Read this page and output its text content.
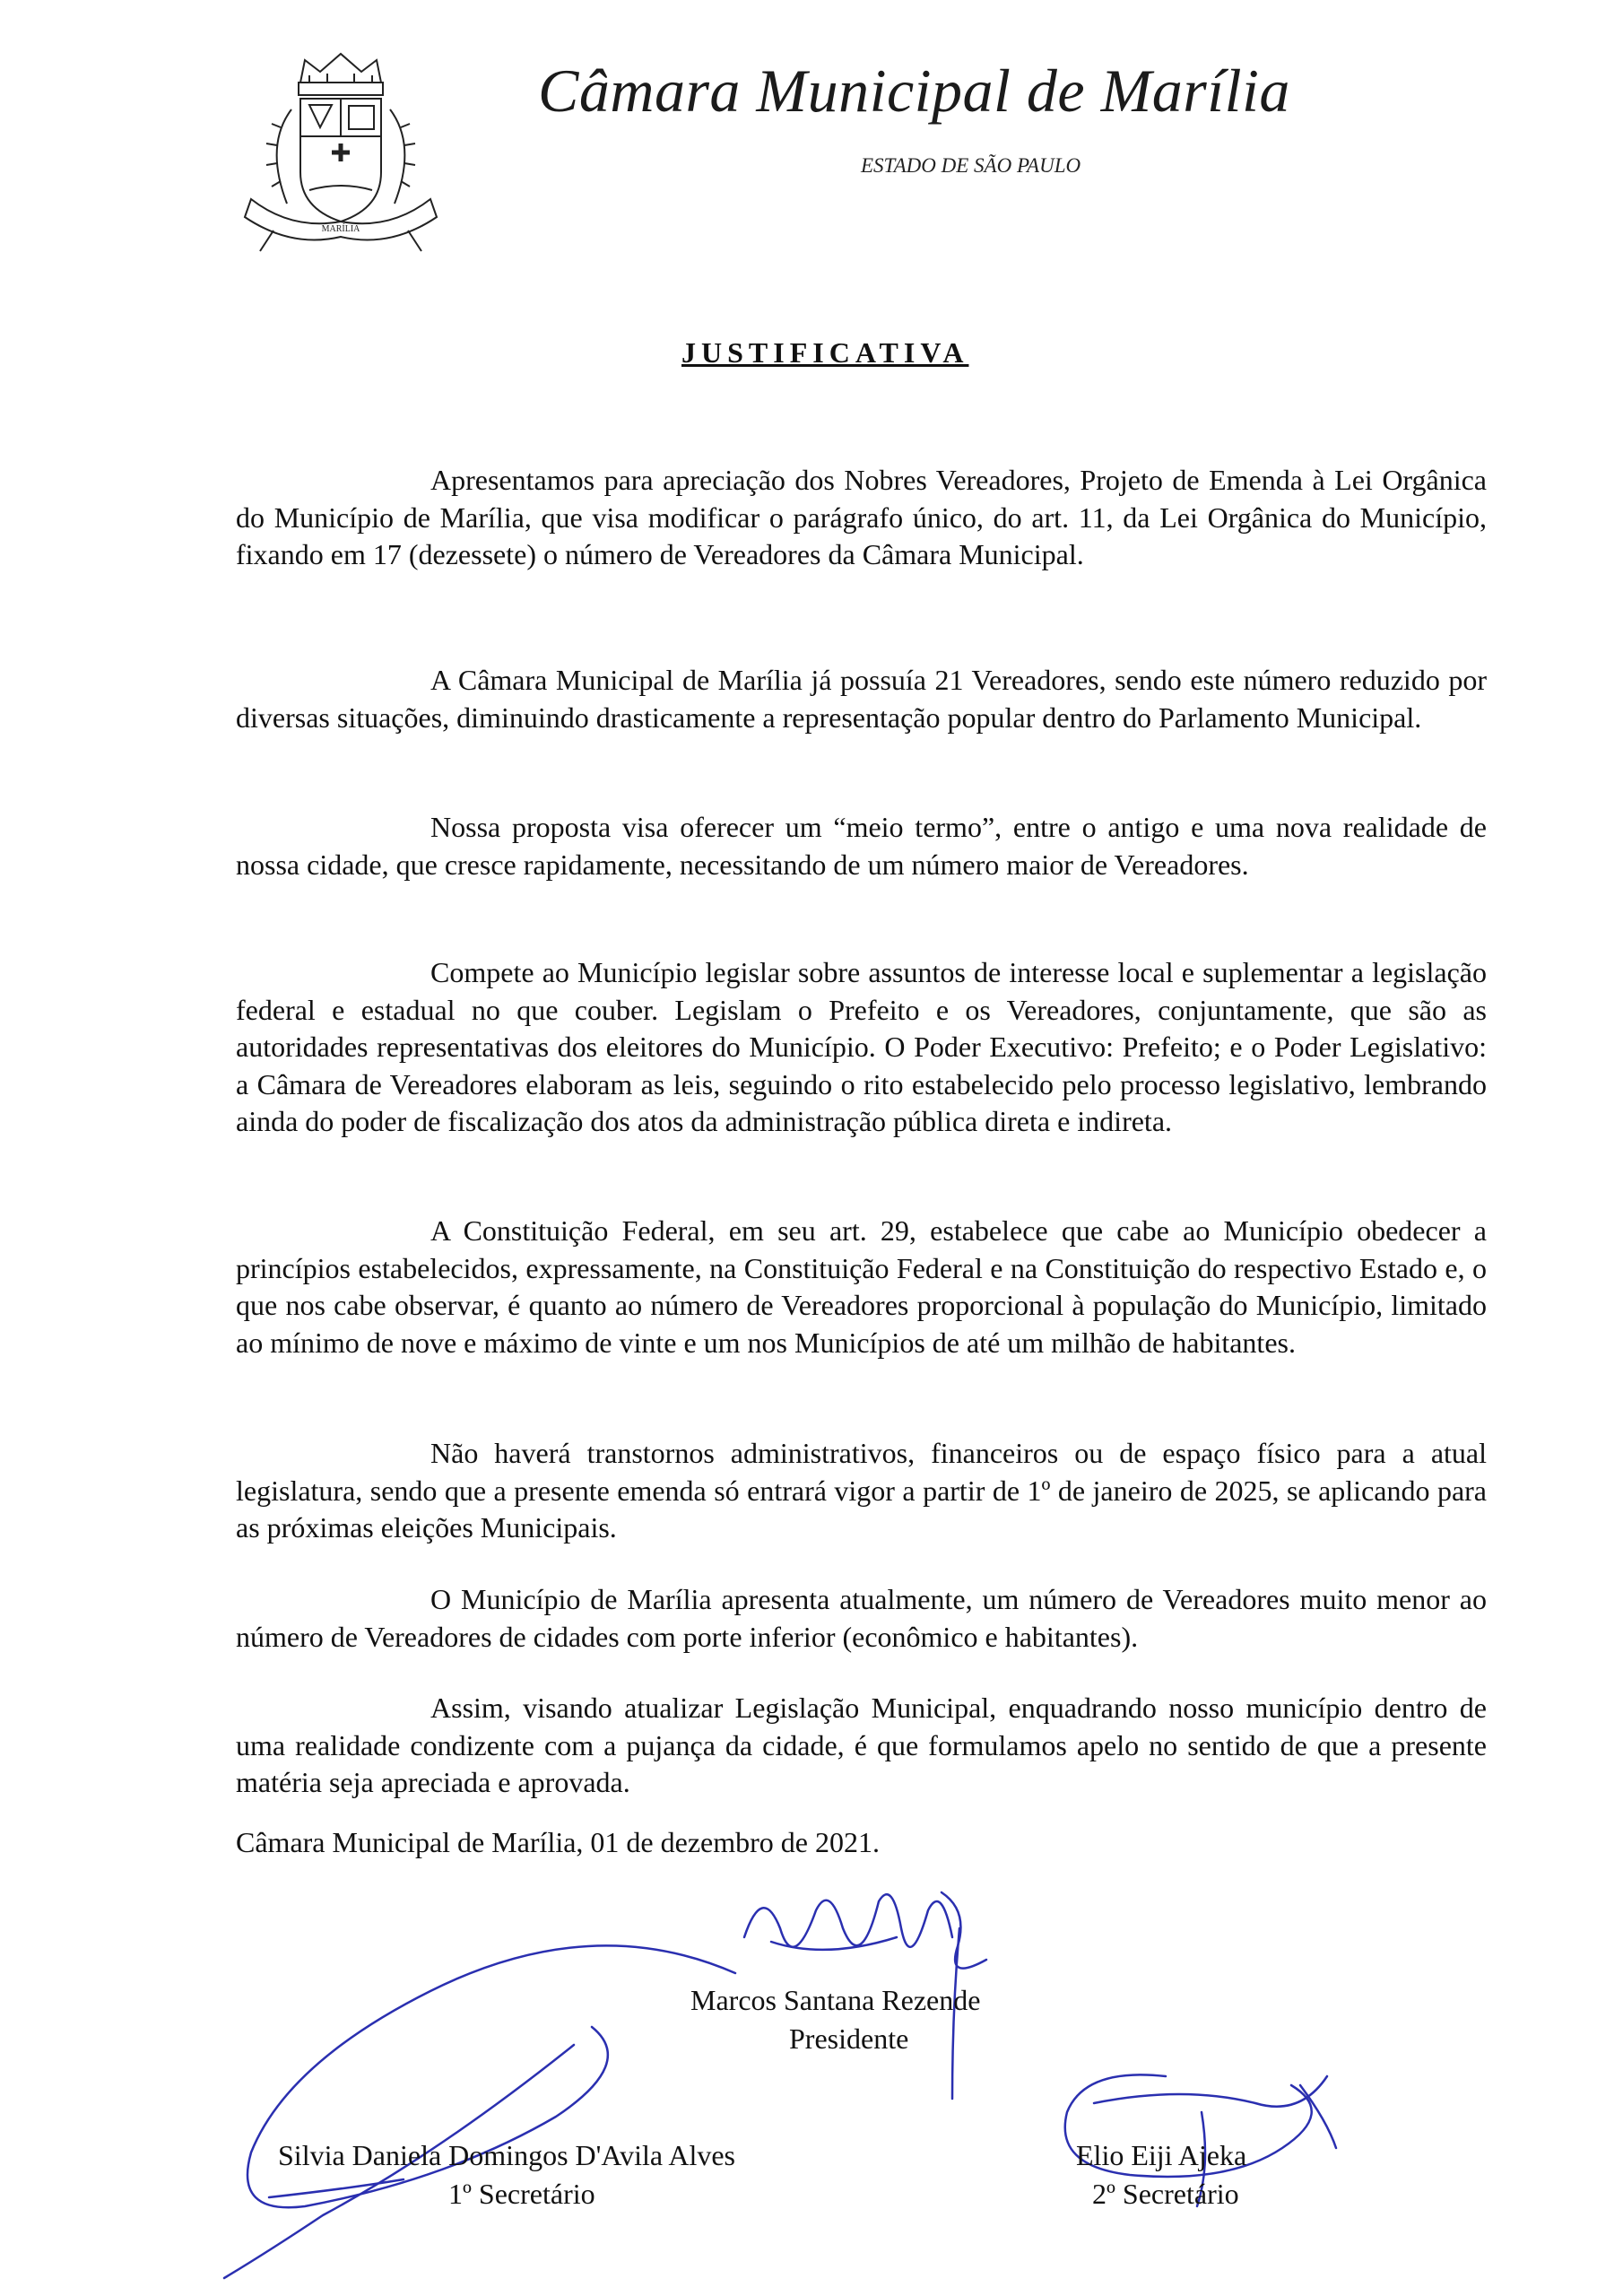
MARÍLIA
Câmara Municipal de Marília
ESTADO DE SÃO PAULO
JUSTIFICATIVA

Apresentamos para apreciação dos Nobres Vereadores, Projeto de Emenda à Lei Orgânica do Município de Marília, que visa modificar o parágrafo único, do art. 11, da Lei Orgânica do Município, fixando em 17 (dezessete) o número de Vereadores da Câmara Municipal.

A Câmara Municipal de Marília já possuía 21 Vereadores, sendo este número reduzido por diversas situações, diminuindo drasticamente a representação popular dentro do Parlamento Municipal.

Nossa proposta visa oferecer um “meio termo”, entre o antigo e uma nova realidade de nossa cidade, que cresce rapidamente, necessitando de um número maior de Vereadores.

Compete ao Município legislar sobre assuntos de interesse local e suplementar a legislação federal e estadual no que couber. Legislam o Prefeito e os Vereadores, conjuntamente, que são as autoridades representativas dos eleitores do Município. O Poder Executivo: Prefeito; e o Poder Legislativo: a Câmara de Vereadores elaboram as leis, seguindo o rito estabelecido pelo processo legislativo, lembrando ainda do poder de fiscalização dos atos da administração pública direta e indireta.

A Constituição Federal, em seu art. 29, estabelece que cabe ao Município obedecer a princípios estabelecidos, expressamente, na Constituição Federal e na Constituição do respectivo Estado e, o que nos cabe observar, é quanto ao número de Vereadores proporcional à população do Município, limitado ao mínimo de nove e máximo de vinte e um nos Municípios de até um milhão de habitantes.

Não haverá transtornos administrativos, financeiros ou de espaço físico para a atual legislatura, sendo que a presente emenda só entrará vigor a partir de 1º de janeiro de 2025, se aplicando para as próximas eleições Municipais.

O Município de Marília apresenta atualmente, um número de Vereadores muito menor ao número de Vereadores de cidades com porte inferior (econômico e habitantes).

Assim, visando atualizar Legislação Municipal, enquadrando nosso município dentro de uma realidade condizente com a pujança da cidade, é que formulamos apelo no sentido de que a presente matéria seja apreciada e aprovada.

Câmara Municipal de Marília, 01 de dezembro de 2021.
Marcos Santana Rezende
Presidente
Silvia Daniela Domingos D'Avila Alves
1º Secretário
Elio Eiji Ajeka
2º Secretário
